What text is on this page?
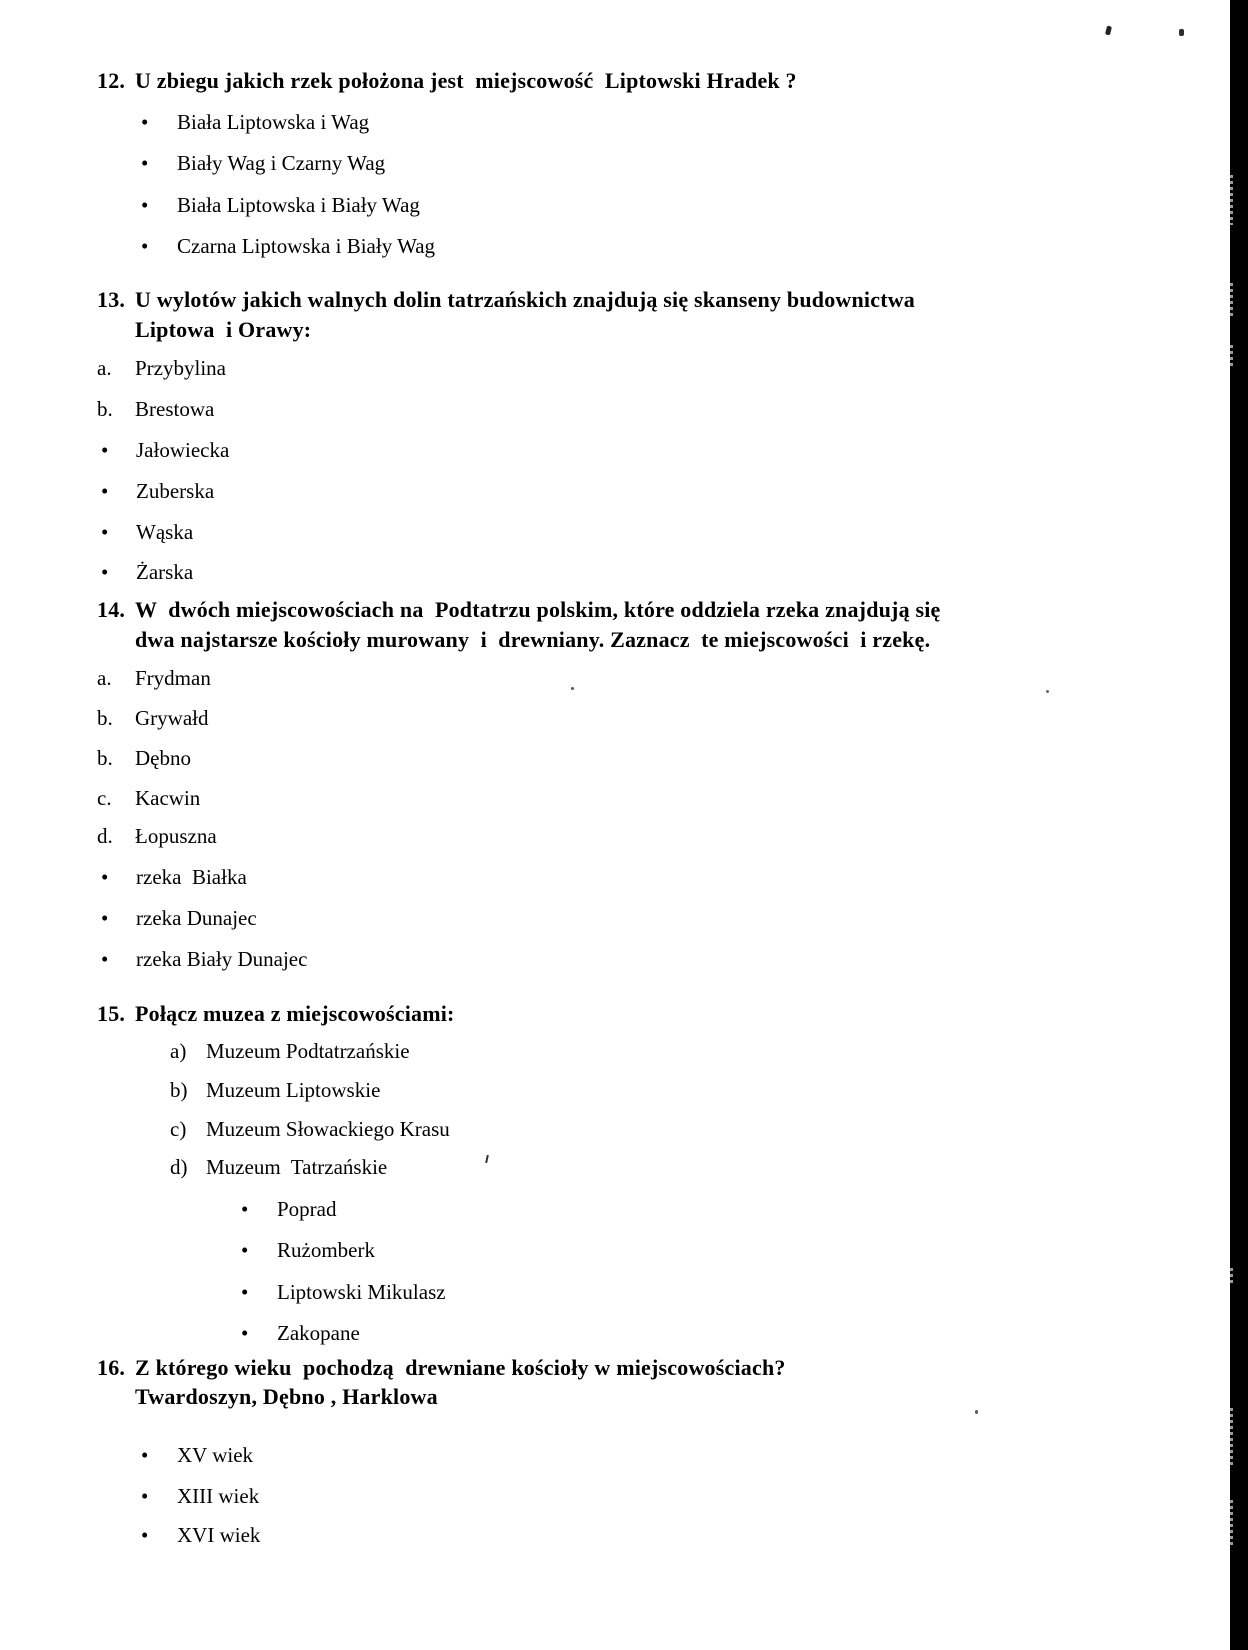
12. U zbiegu jakich rzek położona jest  miejscowość  Liptowski Hradek ?
• Biała Liptowska i Wag
• Biały Wag i Czarny Wag
• Biała Liptowska i Biały Wag
• Czarna Liptowska i Biały Wag
13. U wylotów jakich walnych dolin tatrzańskich znajdują się skanseny budownictwa
Liptowa  i Orawy:
a. Przybylina
b. Brestowa
• Jałowiecka
• Zuberska
• Wąska
• Żarska
14. W  dwóch miejscowościach na  Podtatrzu polskim, które oddziela rzeka znajdują się
dwa najstarsze kościoły murowany  i  drewniany. Zaznacz  te miejscowości  i rzekę.
a. Frydman
b. Grywałd
b. Dębno
c. Kacwin
d. Łopuszna
• rzeka  Białka
• rzeka Dunajec
• rzeka Biały Dunajec
15. Połącz muzea z miejscowościami:
a) Muzeum Podtatrzańskie
b) Muzeum Liptowskie
c) Muzeum Słowackiego Krasu
d) Muzeum  Tatrzańskie
• Poprad
• Rużomberk
• Liptowski Mikulasz
• Zakopane
16. Z którego wieku  pochodzą  drewniane kościoły w miejscowościach?
Twardoszyn, Dębno , Harklowa
• XV wiek
• XIII wiek
• XVI wiek
